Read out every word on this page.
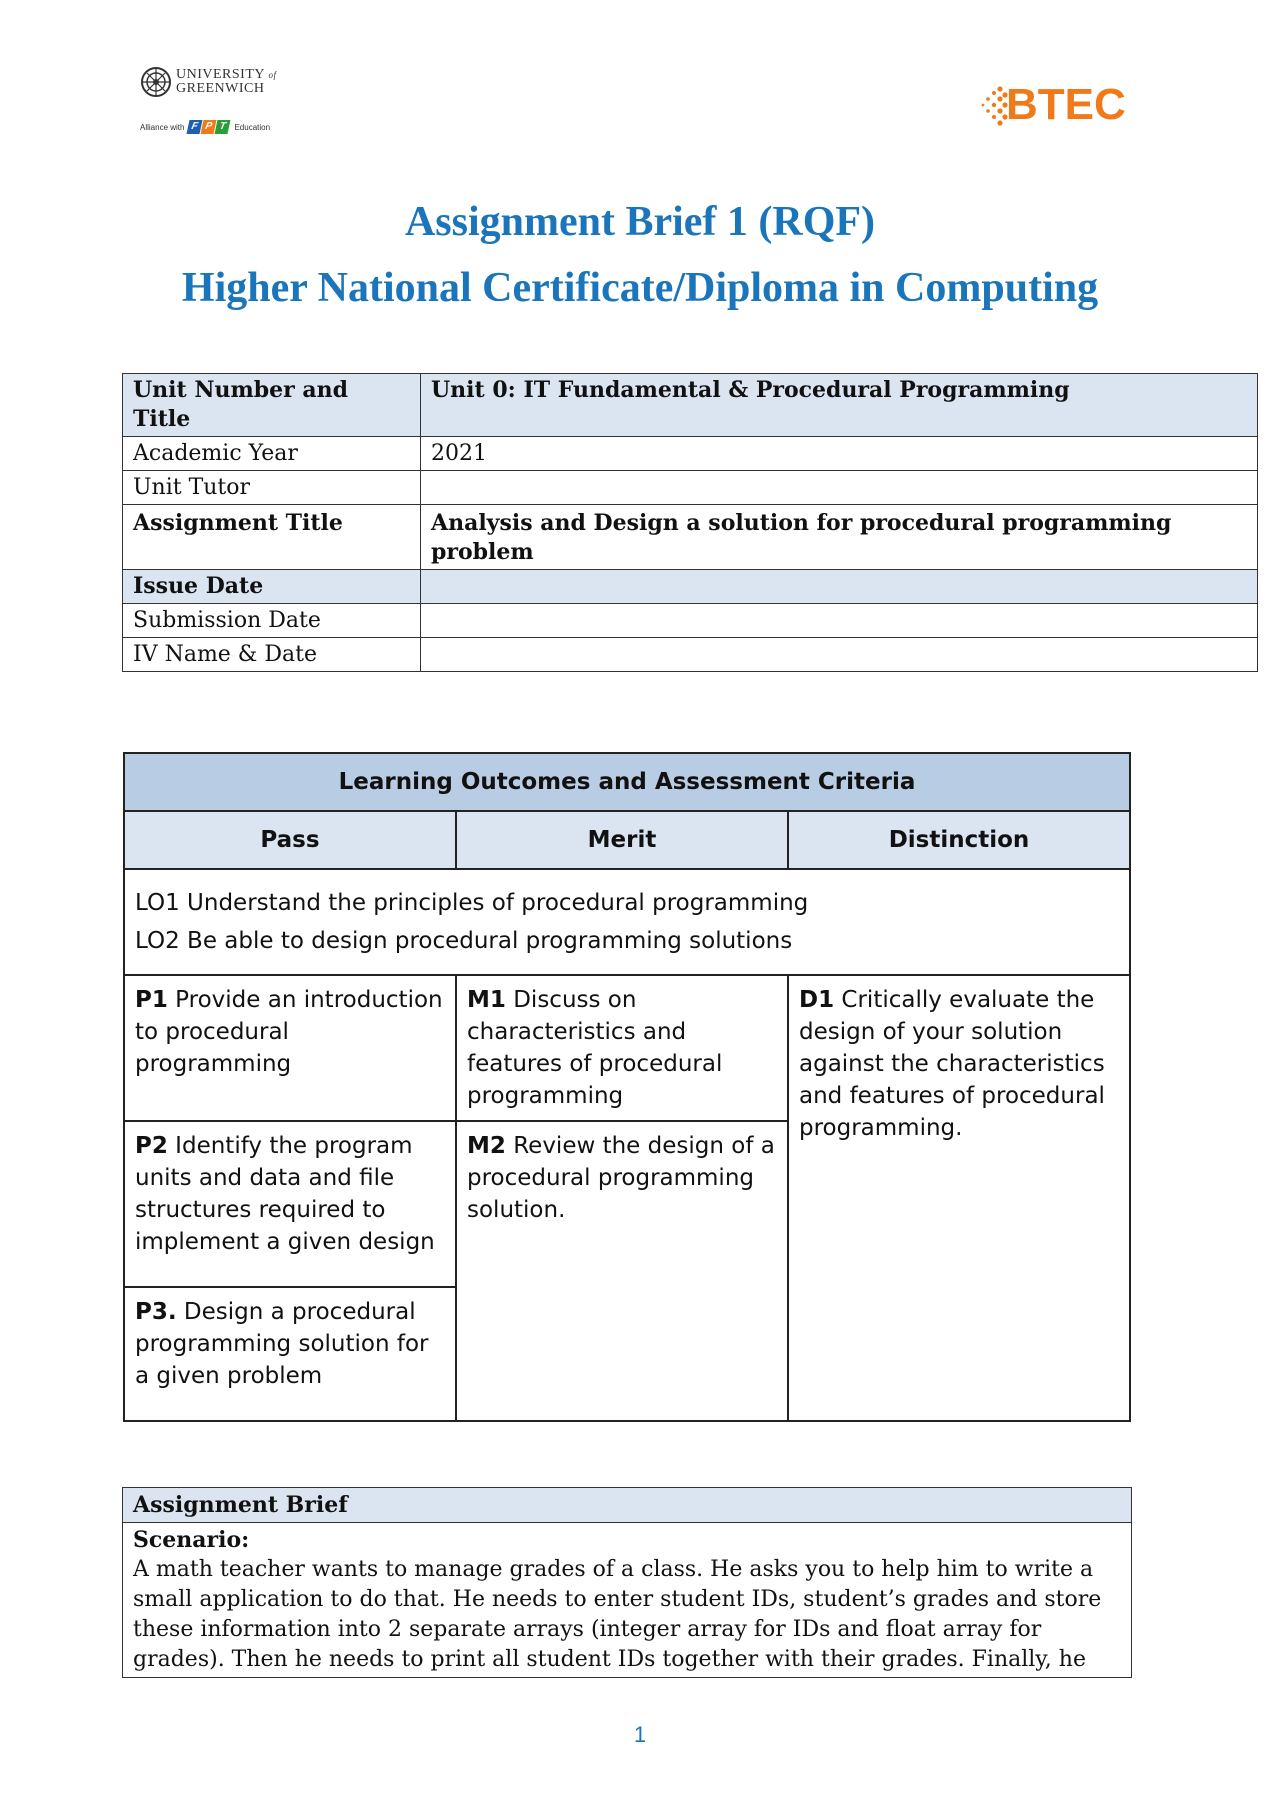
UNIVERSITY of
GREENWICH
Alliance with F P T Education	BTEC
Assignment Brief 1 (RQF)
Higher National Certificate/Diploma in Computing
Unit Number and Title	Unit 0: IT Fundamental & Procedural Programming
Academic Year	2021
Unit Tutor	
Assignment Title	Analysis and Design a solution for procedural programming problem
Issue Date	
Submission Date	
IV Name & Date	
Learning Outcomes and Assessment Criteria		
Pass	Merit	Distinction

LO1 Understand the principles of procedural programming
LO2 Be able to design procedural programming solutions		

P1 Provide an introduction to procedural programming	M1 Discuss on characteristics and features of procedural programming	D1 Critically evaluate the design of your solution against the characteristics and features of procedural programming.
P2 Identify the program units and data and file structures required to implement a given design	M2 Review the design of a procedural programming solution.	
P3. Design a procedural programming solution for a given problem		
Assignment Brief

Scenario:
A math teacher wants to manage grades of a class. He asks you to help him to write a small application to do that. He needs to enter student IDs, student’s grades and store these information into 2 separate arrays (integer array for IDs and float array for grades). Then he needs to print all student IDs together with their grades. Finally, he
1
